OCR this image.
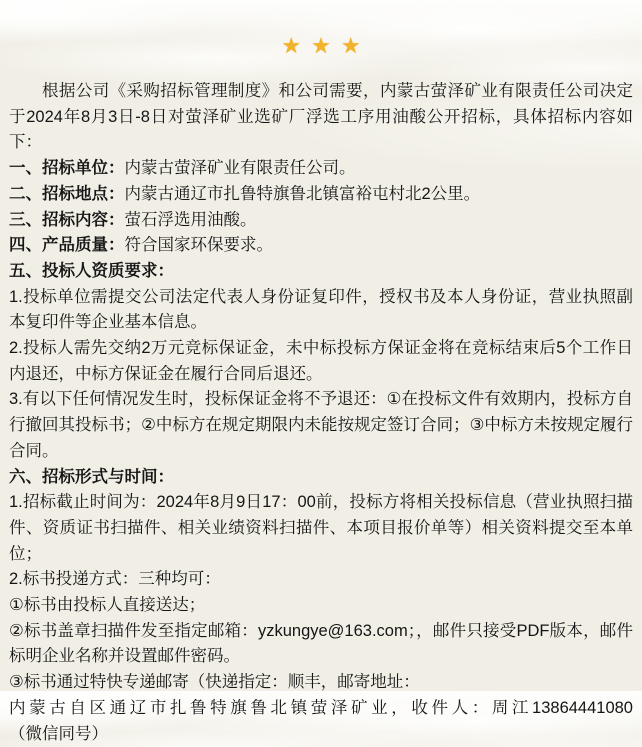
★ ★ ★

根据公司《采购招标管理制度》和公司需要，内蒙古萤泽矿业有限责任公司决定于2024年8月3日-8日对萤泽矿业选矿厂浮选工序用油酸公开招标，具体招标内容如下：

一、招标单位：内蒙古萤泽矿业有限责任公司。

二、招标地点：内蒙古通辽市扎鲁特旗鲁北镇富裕屯村北2公里。

三、招标内容：萤石浮选用油酸。

四、产品质量：符合国家环保要求。

五、投标人资质要求：

1.投标单位需提交公司法定代表人身份证复印件，授权书及本人身份证，营业执照副本复印件等企业基本信息。

2.投标人需先交纳2万元竞标保证金，未中标投标方保证金将在竞标结束后5个工作日内退还，中标方保证金在履行合同后退还。

3.有以下任何情况发生时，投标保证金将不予退还：①在投标文件有效期内，投标方自行撤回其投标书；②中标方在规定期限内未能按规定签订合同；③中标方未按规定履行合同。

六、招标形式与时间：

1.招标截止时间为：2024年8月9日17：00前，投标方将相关投标信息（营业执照扫描件、资质证书扫描件、相关业绩资料扫描件、本项目报价单等）相关资料提交至本单位；

2.标书投递方式：三种均可：

①标书由投标人直接送达；

②标书盖章扫描件发至指定邮箱：yzkungye@163.com；，邮件只接受PDF版本，邮件标明企业名称并设置邮件密码。

③标书通过特快专递邮寄（快递指定：顺丰，邮寄地址：

内蒙古自区通辽市扎鲁特旗鲁北镇萤泽矿业，收件人：周江13864441080（微信同号）
